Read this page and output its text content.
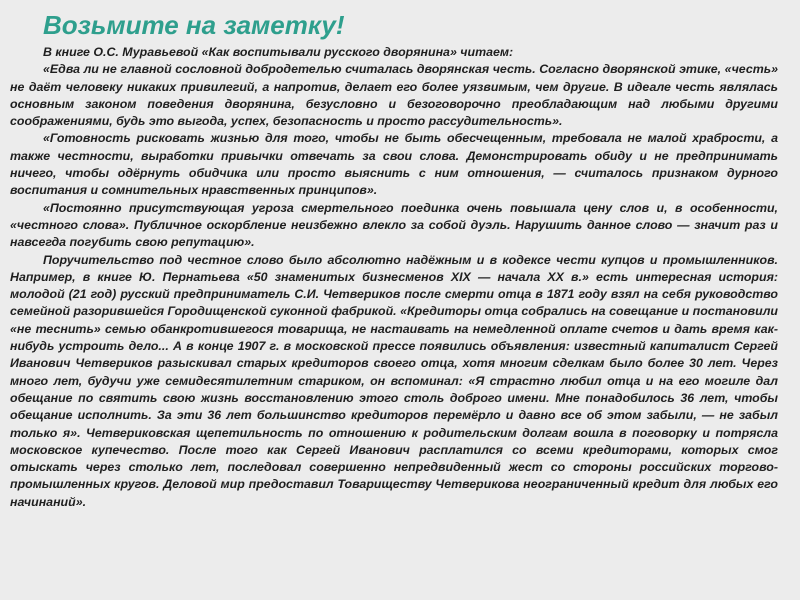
Возьмите на заметку!

В книге О.С. Муравьевой «Как воспитывали русского дворянина» читаем:

«Едва ли не главной сословной добродетелью считалась дворянская честь. Согласно дворянской этике, «честь» не даёт человеку никаких привилегий, а напротив, делает его более уязвимым, чем другие. В идеале честь являлась основным законом поведения дворянина, безусловно и безоговорочно преобладающим над любыми другими соображениями, будь это выгода, успех, безопасность и просто рассудительность».

«Готовность рисковать жизнью для того, чтобы не быть обесчещенным, требовала не малой храбрости, а также честности, выработки привычки отвечать за свои слова. Демонстрировать обиду и не предпринимать ничего, чтобы одёрнуть обидчика или просто выяснить с ним отношения, — считалось признаком дурного воспитания и сомнительных нравственных принципов».

«Постоянно присутствующая угроза смертельного поединка очень повышала цену слов и, в особенности, «честного слова». Публичное оскорбление неизбежно влекло за собой дуэль. Нарушить данное слово — значит раз и навсегда погубить свою репутацию».

Поручительство под честное слово было абсолютно надёжным и в кодексе чести купцов и промышленников. Например, в книге Ю. Пернатьева «50 знаменитых бизнесменов XIX — начала XX в.» есть интересная история: молодой (21 год) русский предприниматель С.И. Четвериков после смерти отца в 1871 году взял на себя руководство семейной разорившейся Городищенской суконной фабрикой. «Кредиторы отца собрались на совещание и постановили «не теснить» семью обанкротившегося товарища, не настаивать на немедленной оплате счетов и дать время как-нибудь устроить дело... А в конце 1907 г. в московской прессе появились объявления: известный капиталист Сергей Иванович Четвериков разыскивал старых кредиторов своего отца, хотя многим сделкам было более 30 лет. Через много лет, будучи уже семидесятилетним стариком, он вспоминал: «Я страстно любил отца и на его могиле дал обещание по святить свою жизнь восстановлению этого столь доброго имени. Мне понадобилось 36 лет, чтобы обещание исполнить. За эти 36 лет большинство кредиторов перемёрло и давно все об этом забыли, — не забыл только я». Четвериковская щепетильность по отношению к родительским долгам вошла в поговорку и потрясла московское купечество. После того как Сергей Иванович расплатился со всеми кредиторами, которых смог отыскать через столько лет, последовал совершенно непредвиденный жест со стороны российских торгово-промышленных кругов. Деловой мир предоставил Товариществу Четверикова неограниченный кредит для любых его начинаний».
